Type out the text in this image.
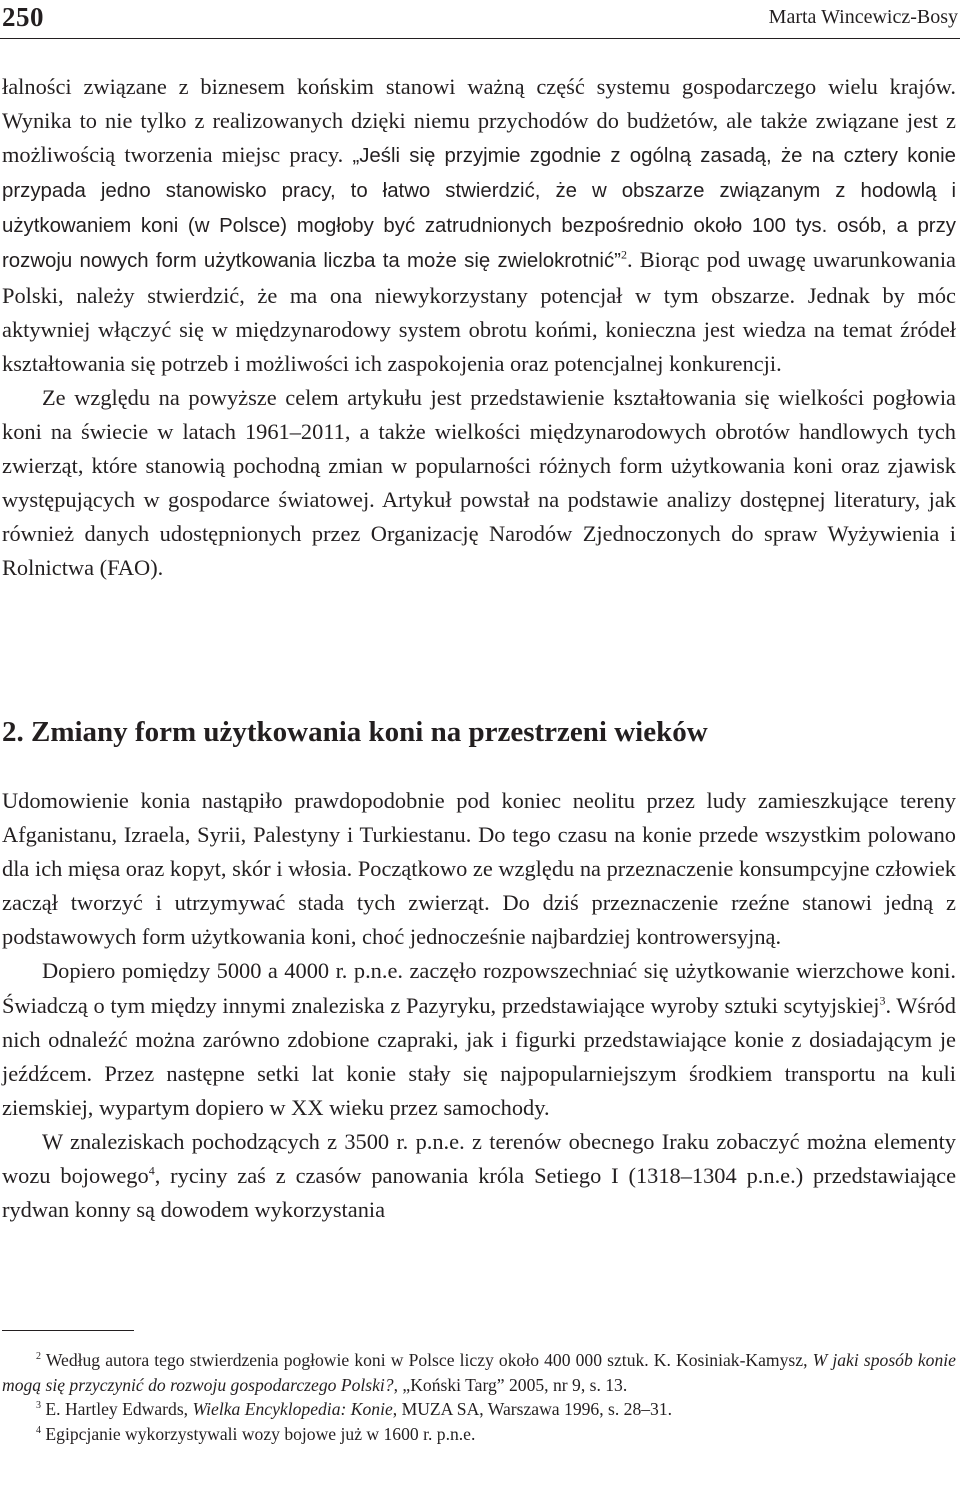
250	Marta Wincewicz-Bosy

łalności związane z biznesem końskim stanowi ważną część systemu gospodarczego wielu krajów. Wynika to nie tylko z realizowanych dzięki niemu przychodów do budżetów, ale także związane jest z możliwością tworzenia miejsc pracy. „Jeśli się przyjmie zgodnie z ogólną zasadą, że na cztery konie przypada jedno stanowisko pracy, to łatwo stwierdzić, że w obszarze związanym z hodowlą i użytkowaniem koni (w Polsce) mogłoby być zatrudnionych bezpośrednio około 100 tys. osób, a przy rozwoju nowych form użytkowania liczba ta może się zwielokrotnić”$^2$. Biorąc pod uwagę uwarunkowania Polski, należy stwierdzić, że ma ona niewykorzystany potencjał w tym obszarze. Jednak by móc aktywniej włączyć się w międzynarodowy system obrotu końmi, konieczna jest wiedza na temat źródeł kształtowania się potrzeb i możliwości ich zaspokojenia oraz potencjalnej konkurencji.

Ze względu na powyższe celem artykułu jest przedstawienie kształtowania się wielkości pogłowia koni na świecie w latach 1961–2011, a także wielkości międzynarodowych obrotów handlowych tych zwierząt, które stanowią pochodną zmian w popularności różnych form użytkowania koni oraz zjawisk występujących w gospodarce światowej. Artykuł powstał na podstawie analizy dostępnej literatury, jak również danych udostępnionych przez Organizację Narodów Zjednoczonych do spraw Wyżywienia i Rolnictwa (FAO).

2. Zmiany form użytkowania koni na przestrzeni wieków

Udomowienie konia nastąpiło prawdopodobnie pod koniec neolitu przez ludy zamieszkujące tereny Afganistanu, Izraela, Syrii, Palestyny i Turkiestanu. Do tego czasu na konie przede wszystkim polowano dla ich mięsa oraz kopyt, skór i włosia. Początkowo ze względu na przeznaczenie konsumpcyjne człowiek zaczął tworzyć i utrzymywać stada tych zwierząt. Do dziś przeznaczenie rzeźne stanowi jedną z podstawowych form użytkowania koni, choć jednocześnie najbardziej kontrowersyjną.

Dopiero pomiędzy 5000 a 4000 r. p.n.e. zaczęło rozpowszechniać się użytkowanie wierzchowe koni. Świadczą o tym między innymi znaleziska z Pazyryku, przedstawiające wyroby sztuki scytyjskiej$^3$. Wśród nich odnaleźć można zarówno zdobione czapraki, jak i figurki przedstawiające konie z dosiadającym je jeźdźcem. Przez następne setki lat konie stały się najpopularniejszym środkiem transportu na kuli ziemskiej, wypartym dopiero w XX wieku przez samochody.

W znaleziskach pochodzących z 3500 r. p.n.e. z terenów obecnego Iraku zobaczyć można elementy wozu bojowego$^4$, ryciny zaś z czasów panowania króla Setiego I (1318–1304 p.n.e.) przedstawiające rydwan konny są dowodem wykorzystania

$^2$ Według autora tego stwierdzenia pogłowie koni w Polsce liczy około 400 000 sztuk. K. Kosiniak-Kamysz, W jaki sposób konie mogą się przyczynić do rozwoju gospodarczego Polski?, „Koński Targ” 2005, nr 9, s. 13.

$^3$ E. Hartley Edwards, Wielka Encyklopedia: Konie, MUZA SA, Warszawa 1996, s. 28–31.

$^4$ Egipcjanie wykorzystywali wozy bojowe już w 1600 r. p.n.e.
